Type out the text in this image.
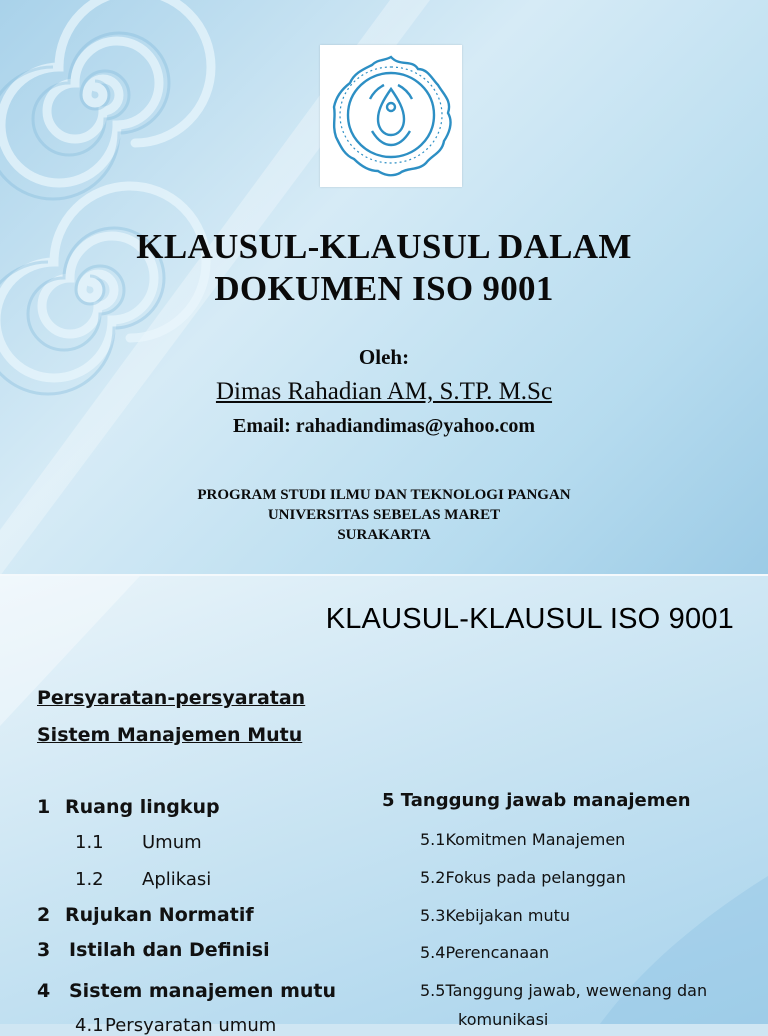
KLAUSUL-KLAUSUL DALAM
DOKUMEN ISO 9001
Oleh:
Dimas Rahadian AM, S.TP. M.Sc
Email: rahadiandimas@yahoo.com
PROGRAM STUDI ILMU DAN TEKNOLOGI PANGAN
UNIVERSITAS SEBELAS MARET
SURAKARTA
KLAUSUL-KLAUSUL ISO 9001
Persyaratan-persyaratan
Sistem Manajemen Mutu
1 Ruang lingkup
1.1 Umum
1.2 Aplikasi
2 Rujukan Normatif
3 Istilah dan Definisi
4 Sistem manajemen mutu
4.1Persyaratan umum
5 Tanggung jawab manajemen
5.1Komitmen Manajemen
5.2Fokus pada pelanggan
5.3Kebijakan mutu
5.4Perencanaan
5.5Tanggung jawab, wewenang dan
komunikasi
